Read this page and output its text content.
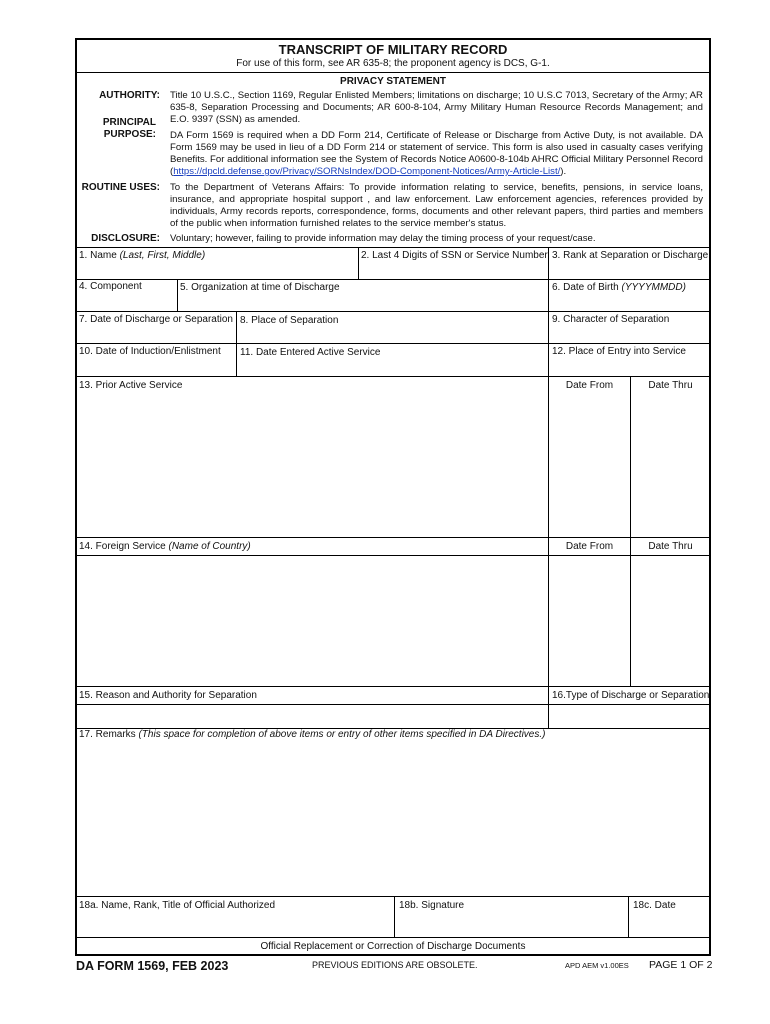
TRANSCRIPT OF MILITARY RECORD
For use of this form, see AR 635-8; the proponent agency is DCS, G-1.
PRIVACY STATEMENT
AUTHORITY: Title 10 U.S.C., Section 1169, Regular Enlisted Members; limitations on discharge; 10 U.S.C 7013, Secretary of the Army; AR 635-8, Separation Processing and Documents; AR 600-8-104, Army Military Human Resource Records Management; and E.O. 9397 (SSN) as amended.
PRINCIPAL
PURPOSE: DA Form 1569 is required when a DD Form 214, Certificate of Release or Discharge from Active Duty, is not available. DA Form 1569 may be used in lieu of a DD Form 214 or statement of service. This form is also used in casualty cases verifying Benefits. For additional information see the System of Records Notice A0600-8-104b AHRC Official Military Personnel Record (https://dpcld.defense.gov/Privacy/SORNsIndex/DOD-Component-Notices/Army-Article-List/).
ROUTINE USES: To the Department of Veterans Affairs: To provide information relating to service, benefits, pensions, in service loans, insurance, and appropriate hospital support , and law enforcement. Law enforcement agencies, references provided by individuals, Army records reports, correspondence, forms, documents and other relevant papers, third parties and members of the public when information furnished relates to the service member's status.
DISCLOSURE: Voluntary; however, failing to provide information may delay the timing process of your request/case.
1. Name (Last, First, Middle)	2. Last 4 Digits of SSN or Service Number 3. Rank at Separation or Discharge
4. Component	5. Organization at time of Discharge	6. Date of Birth (YYYYMMDD)
7. Date of Discharge or Separation 8. Place of Separation	9. Character of Separation
10. Date of Induction/Enlistment 11. Date Entered Active Service	12. Place of Entry into Service
13. Prior Active Service	Date From	Date Thru
14. Foreign Service (Name of Country)	Date From	Date Thru
15. Reason and Authority for Separation	16.Type of Discharge or Separation
17. Remarks (This space for completion of above items or entry of other items specified in DA Directives.)
18a. Name, Rank, Title of Official Authorized	18b. Signature	18c. Date
Official Replacement or Correction of Discharge Documents
DA FORM 1569, FEB 2023	PREVIOUS EDITIONS ARE OBSOLETE.	APD AEM v1.00ES PAGE 1 OF 2
